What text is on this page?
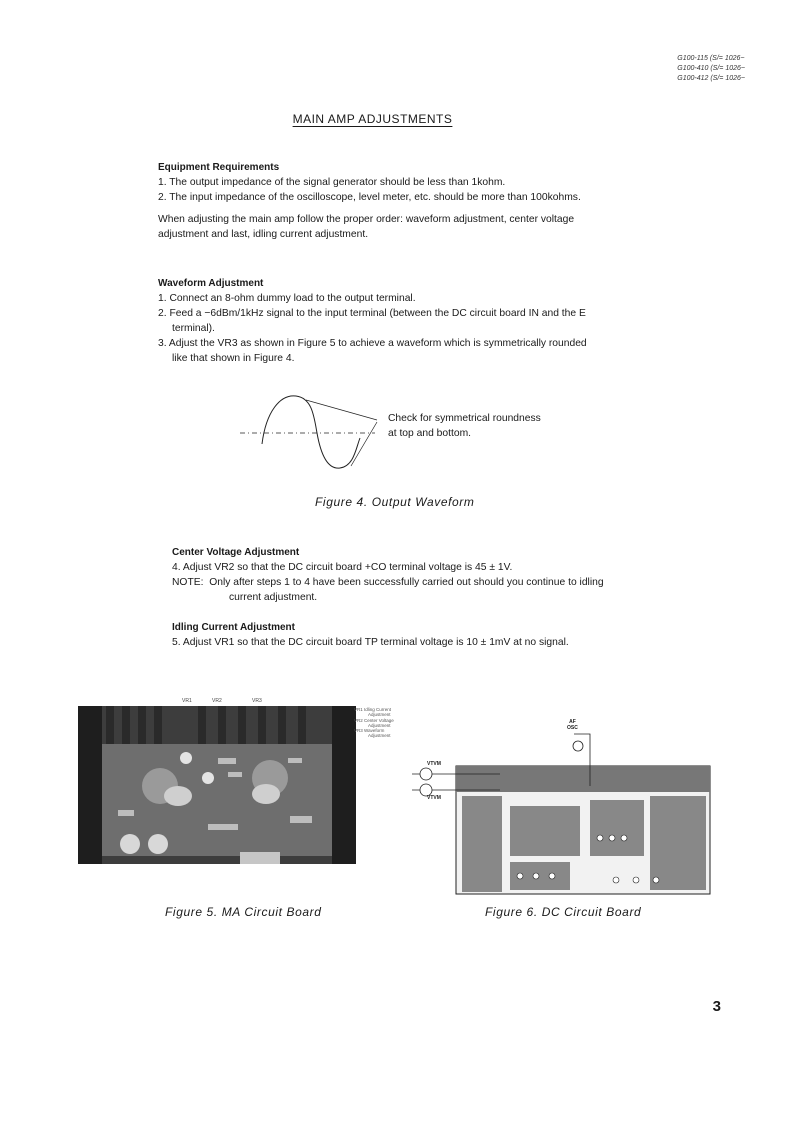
G100-115 (S/= 1026~
G100-410 (S/= 1026~
G100-412 (S/= 1026~
MAIN AMP ADJUSTMENTS
Equipment Requirements
1. The output impedance of the signal generator should be less than 1kohm.
2. The input impedance of the oscilloscope, level meter, etc. should be more than 100kohms.
When adjusting the main amp follow the proper order: waveform adjustment, center voltage adjustment and last, idling current adjustment.
Waveform Adjustment
1. Connect an 8-ohm dummy load to the output terminal.
2. Feed a −6dBm/1kHz signal to the input terminal (between the DC circuit board IN and the E terminal).
3. Adjust the VR3 as shown in Figure 5 to achieve a waveform which is symmetrically rounded like that shown in Figure 4.
Check for symmetrical roundness
at top and bottom.
Figure 4. Output Waveform
Center Voltage Adjustment
4. Adjust VR2 so that the DC circuit board +CO terminal voltage is 45 ± 1V.
NOTE: Only after steps 1 to 4 have been successfully carried out should you continue to idling current adjustment.
Idling Current Adjustment
5. Adjust VR1 so that the DC circuit board TP terminal voltage is 10 ± 1mV at no signal.
VR1	VR2	VR3
VR1 Idling Current
Adjustment
VR2 Center Voltage
Adjustment
VR3 Waveform
Adjustment
Figure 5. MA Circuit Board
AF
OSC
VTVM
VTVM
Figure 6. DC Circuit Board
3
